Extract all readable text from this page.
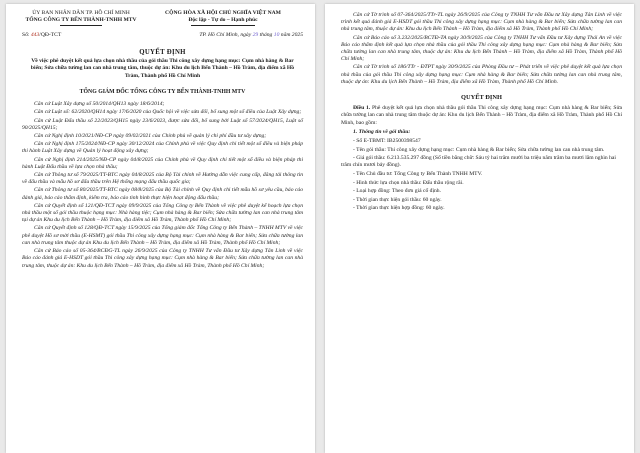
ỦY BAN NHÂN DÂN TP. HỒ CHÍ MINH
TỔNG CÔNG TY BẾN THÀNH-TNHH MTV
CỘNG HÒA XÃ HỘI CHỦ NGHĨA VIỆT NAM
Độc lập - Tự do – Hạnh phúc
Số: 443/QĐ-TCT	TP. Hồ Chí Minh, ngày 29 tháng 10 năm 2025
QUYẾT ĐỊNH
Về việc phê duyệt kết quả lựa chọn nhà thầu của gói thầu Thi công xây dựng hạng mục: Cụm nhà hàng & Bar biển; Sửa chữa tường lan can nhà trung tâm, thuộc dự án: Khu du lịch Bến Thành – Hồ Tràm, địa điểm xã Hồ Tràm, Thành phố Hồ Chí Minh
TỔNG GIÁM ĐỐC TỔNG CÔNG TY BẾN THÀNH-TNHH MTV

Căn cứ Luật Xây dựng số 50/2014/QH13 ngày 18/6/2014;

Căn cứ Luật số: 62/2020/QH14 ngày 17/6/2020 của Quốc hội về việc sửa đổi, bổ sung một số điều của Luật Xây dựng;

Căn cứ Luật Đấu thầu số 22/2023/QH15 ngày 23/6/2023, được sửa đổi, bổ sung bởi Luật số 57/2024/QH15, Luật số 90/2025/QH15;

Căn cứ Nghị định 10/2021/NĐ-CP ngày 09/02/2021 của Chính phủ về quản lý chi phí đầu tư xây dựng;

Căn cứ Nghị định 175/2024/NĐ-CP ngày 30/12/2024 của Chính phủ về việc Quy định chi tiết một số điều và biện pháp thi hành Luật Xây dựng về Quản lý hoạt động xây dựng;

Căn cứ Nghị định 214/2025/NĐ-CP ngày 04/8/2025 của Chính phủ về Quy định chi tiết một số điều và biện pháp thi hành Luật Đấu thầu về lựa chọn nhà thầu;

Căn cứ Thông tư số 79/2025/TT-BTC ngày 04/8/2025 của Bộ Tài chính về Hướng dẫn việc cung cấp, đăng tải thông tin về đấu thầu và mẫu hồ sơ đấu thầu trên Hệ thống mạng đấu thầu quốc gia;

Căn cứ Thông tư số 80/2025/TT-BTC ngày 08/8/2025 của Bộ Tài chính về Quy định chi tiết mẫu hồ sơ yêu cầu, báo cáo đánh giá, báo cáo thẩm định, kiểm tra, báo cáo tình hình thực hiện hoạt động đấu thầu;

Căn cứ Quyết định số 121/QĐ-TCT ngày 09/9/2025 của Tổng Công ty Bến Thành về việc phê duyệt kế hoạch lựa chọn nhà thầu một số gói thầu thuộc hạng mục: Nhà hàng tiệc; Cụm nhà hàng & Bar biển; Sửa chữa tường lan can nhà trung tâm tại dự án Khu du lịch Bến Thành – Hồ Tràm, địa điểm xã Hồ Tràm, Thành phố Hồ Chí Minh;

Căn cứ Quyết định số 128/QĐ-TCT ngày 15/9/2025 của Tổng giám đốc Tổng Công ty Bến Thành – TNHH MTV về việc phê duyệt Hồ sơ mời thầu (E-HSMT) gói thầu Thi công xây dựng hạng mục: Cụm nhà hàng & Bar biển; Sửa chữa tường lan can nhà trung tâm thuộc dự án Khu du lịch Bến Thành – Hồ Tràm, địa điểm xã Hồ Tràm, Thành phố Hồ Chí Minh;

Căn cứ Báo cáo số 05-364/BCĐG-TL ngày 26/9/2025 của Công ty TNHH Tư vấn Đầu tư Xây dựng Tân Linh về việc Báo cáo đánh giá E-HSDT gói thầu Thi công xây dựng hạng mục: Cụm nhà hàng & Bar biển; Sửa chữa tường lan can nhà trung tâm, thuộc dự án: Khu du lịch Bến Thành – Hồ Tràm, địa điểm xã Hồ Tràm, Thành phố Hồ Chí Minh;

Căn cứ Tờ trình số 07-364/2025/TTr-TL ngày 26/9/2025 của Công ty TNHH Tư vấn Đầu tư Xây dựng Tân Linh về việc trình kết quả đánh giá E-HSDT gói thầu Thi công xây dựng hạng mục: Cụm nhà hàng & Bar biển; Sửa chữa tường lan can nhà trung tâm, thuộc dự án: Khu du lịch Bến Thành – Hồ Tràm, địa điểm xã Hồ Tràm, Thành phố Hồ Chí Minh;

Căn cứ Báo cáo số 3.232/2025/BCTĐ-TA ngày 30/9/2025 của Công ty TNHH Tư vấn Đầu tư Xây dựng Thái An về việc Báo cáo thẩm định kết quả lựa chọn nhà thầu của gói thầu Thi công xây dựng hạng mục: Cụm nhà hàng & Bar biển; Sửa chữa tường lan can nhà trung tâm, thuộc dự án: Khu du lịch Bến Thành – Hồ Tràm, địa điểm xã Hồ Tràm, Thành phố Hồ Chí Minh;

Căn cứ Tờ trình số 186/TTr - ĐTPT ngày 30/9/2025 của Phòng Đầu tư – Phát triển về việc phê duyệt kết quả lựa chọn nhà thầu của gói thầu Thi công xây dựng hạng mục: Cụm nhà hàng & Bar biển; Sửa chữa tường lan can nhà trung tâm, thuộc dự án: Khu du lịch Bến Thành – Hồ Tràm, địa điểm xã Hồ Tràm, Thành phố Hồ Chí Minh.

QUYẾT ĐỊNH

Điều 1. Phê duyệt kết quả lựa chọn nhà thầu gói thầu Thi công xây dựng hạng mục: Cụm nhà hàng & Bar biển; Sửa chữa tường lan can nhà trung tâm thuộc dự án: Khu du lịch Bến Thành – Hồ Tràm, địa điểm xã Hồ Tràm, Thành phố Hồ Chí Minh, bao gồm:

1. Thông tin về gói thầu:
- Số E-TBMT: IB2500398547
- Tên gói thầu: Thi công xây dựng hạng mục: Cụm nhà hàng & Bar biển; Sửa chữa tường lan can nhà trung tâm.
- Giá gói thầu: 6.213.535.297 đồng (Số tiền bằng chữ: Sáu tỷ hai trăm mười ba triệu năm trăm ba mươi lăm nghìn hai trăm chín mươi bảy đồng).
- Tên Chủ đầu tư: Tổng Công ty Bến Thành TNHH MTV.
- Hình thức lựa chọn nhà thầu: Đấu thầu rộng rãi.
- Loại hợp đồng: Theo đơn giá cố định.
- Thời gian thực hiện gói thầu: 60 ngày.
- Thời gian thực hiện hợp đồng: 60 ngày.
